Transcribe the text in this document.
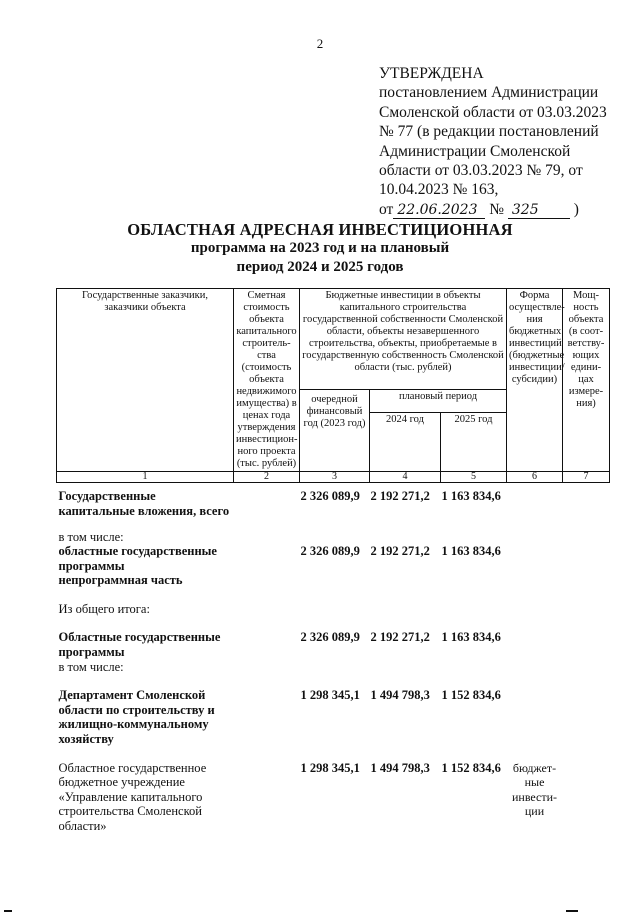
2
УТВЕРЖДЕНА
постановлением Администрации
Смоленской области от 03.03.2023
№ 77 (в редакции постановлений
Администрации Смоленской
области от 03.03.2023 № 79, от
10.04.2023 № 163,
от 22.06.2023 № 325 )
ОБЛАСТНАЯ АДРЕСНАЯ ИНВЕСТИЦИОННАЯ
программа на 2023 год и на плановый
период 2024 и 2025 годов
Государственные заказчики, заказчики объекта	Сметная стоимость объекта капитального строитель-ства (стоимость объекта недвижимого имущества) в ценах года утверждения инвестицион-ного проекта (тыс. рублей)	Бюджетные инвестиции в объекты капитального строительства государственной собственности Смоленской области, объекты незавершенного строительства, объекты, приобретаемые в государственную собственность Смоленской области (тыс. рублей)			Форма осуществле-ния бюджетных инвестиций (бюджетные инвестиции/ субсидии)	Мощ-ность объекта (в соот-ветству-ющих едини-цах измере-ния)
		очередной финансовый год (2023 год)	плановый период			
			2024 год	2025 год		
1	2	3	4	5	6	7
Государственные капитальные вложения, всего		2 326 089,9	2 192 271,2	1 163 834,6		
в том числе:						
областные государственные программы		2 326 089,9	2 192 271,2	1 163 834,6		
непрограммная часть						

Из общего итога:						

Областные государственные программы		2 326 089,9	2 192 271,2	1 163 834,6		
в том числе:						

Департамент Смоленской области по строительству и жилищно-коммунальному хозяйству		1 298 345,1	1 494 798,3	1 152 834,6		

Областное государственное бюджетное учреждение «Управление капитального строительства Смоленской области»		1 298 345,1	1 494 798,3	1 152 834,6	бюджет-ные инвести-ции	
